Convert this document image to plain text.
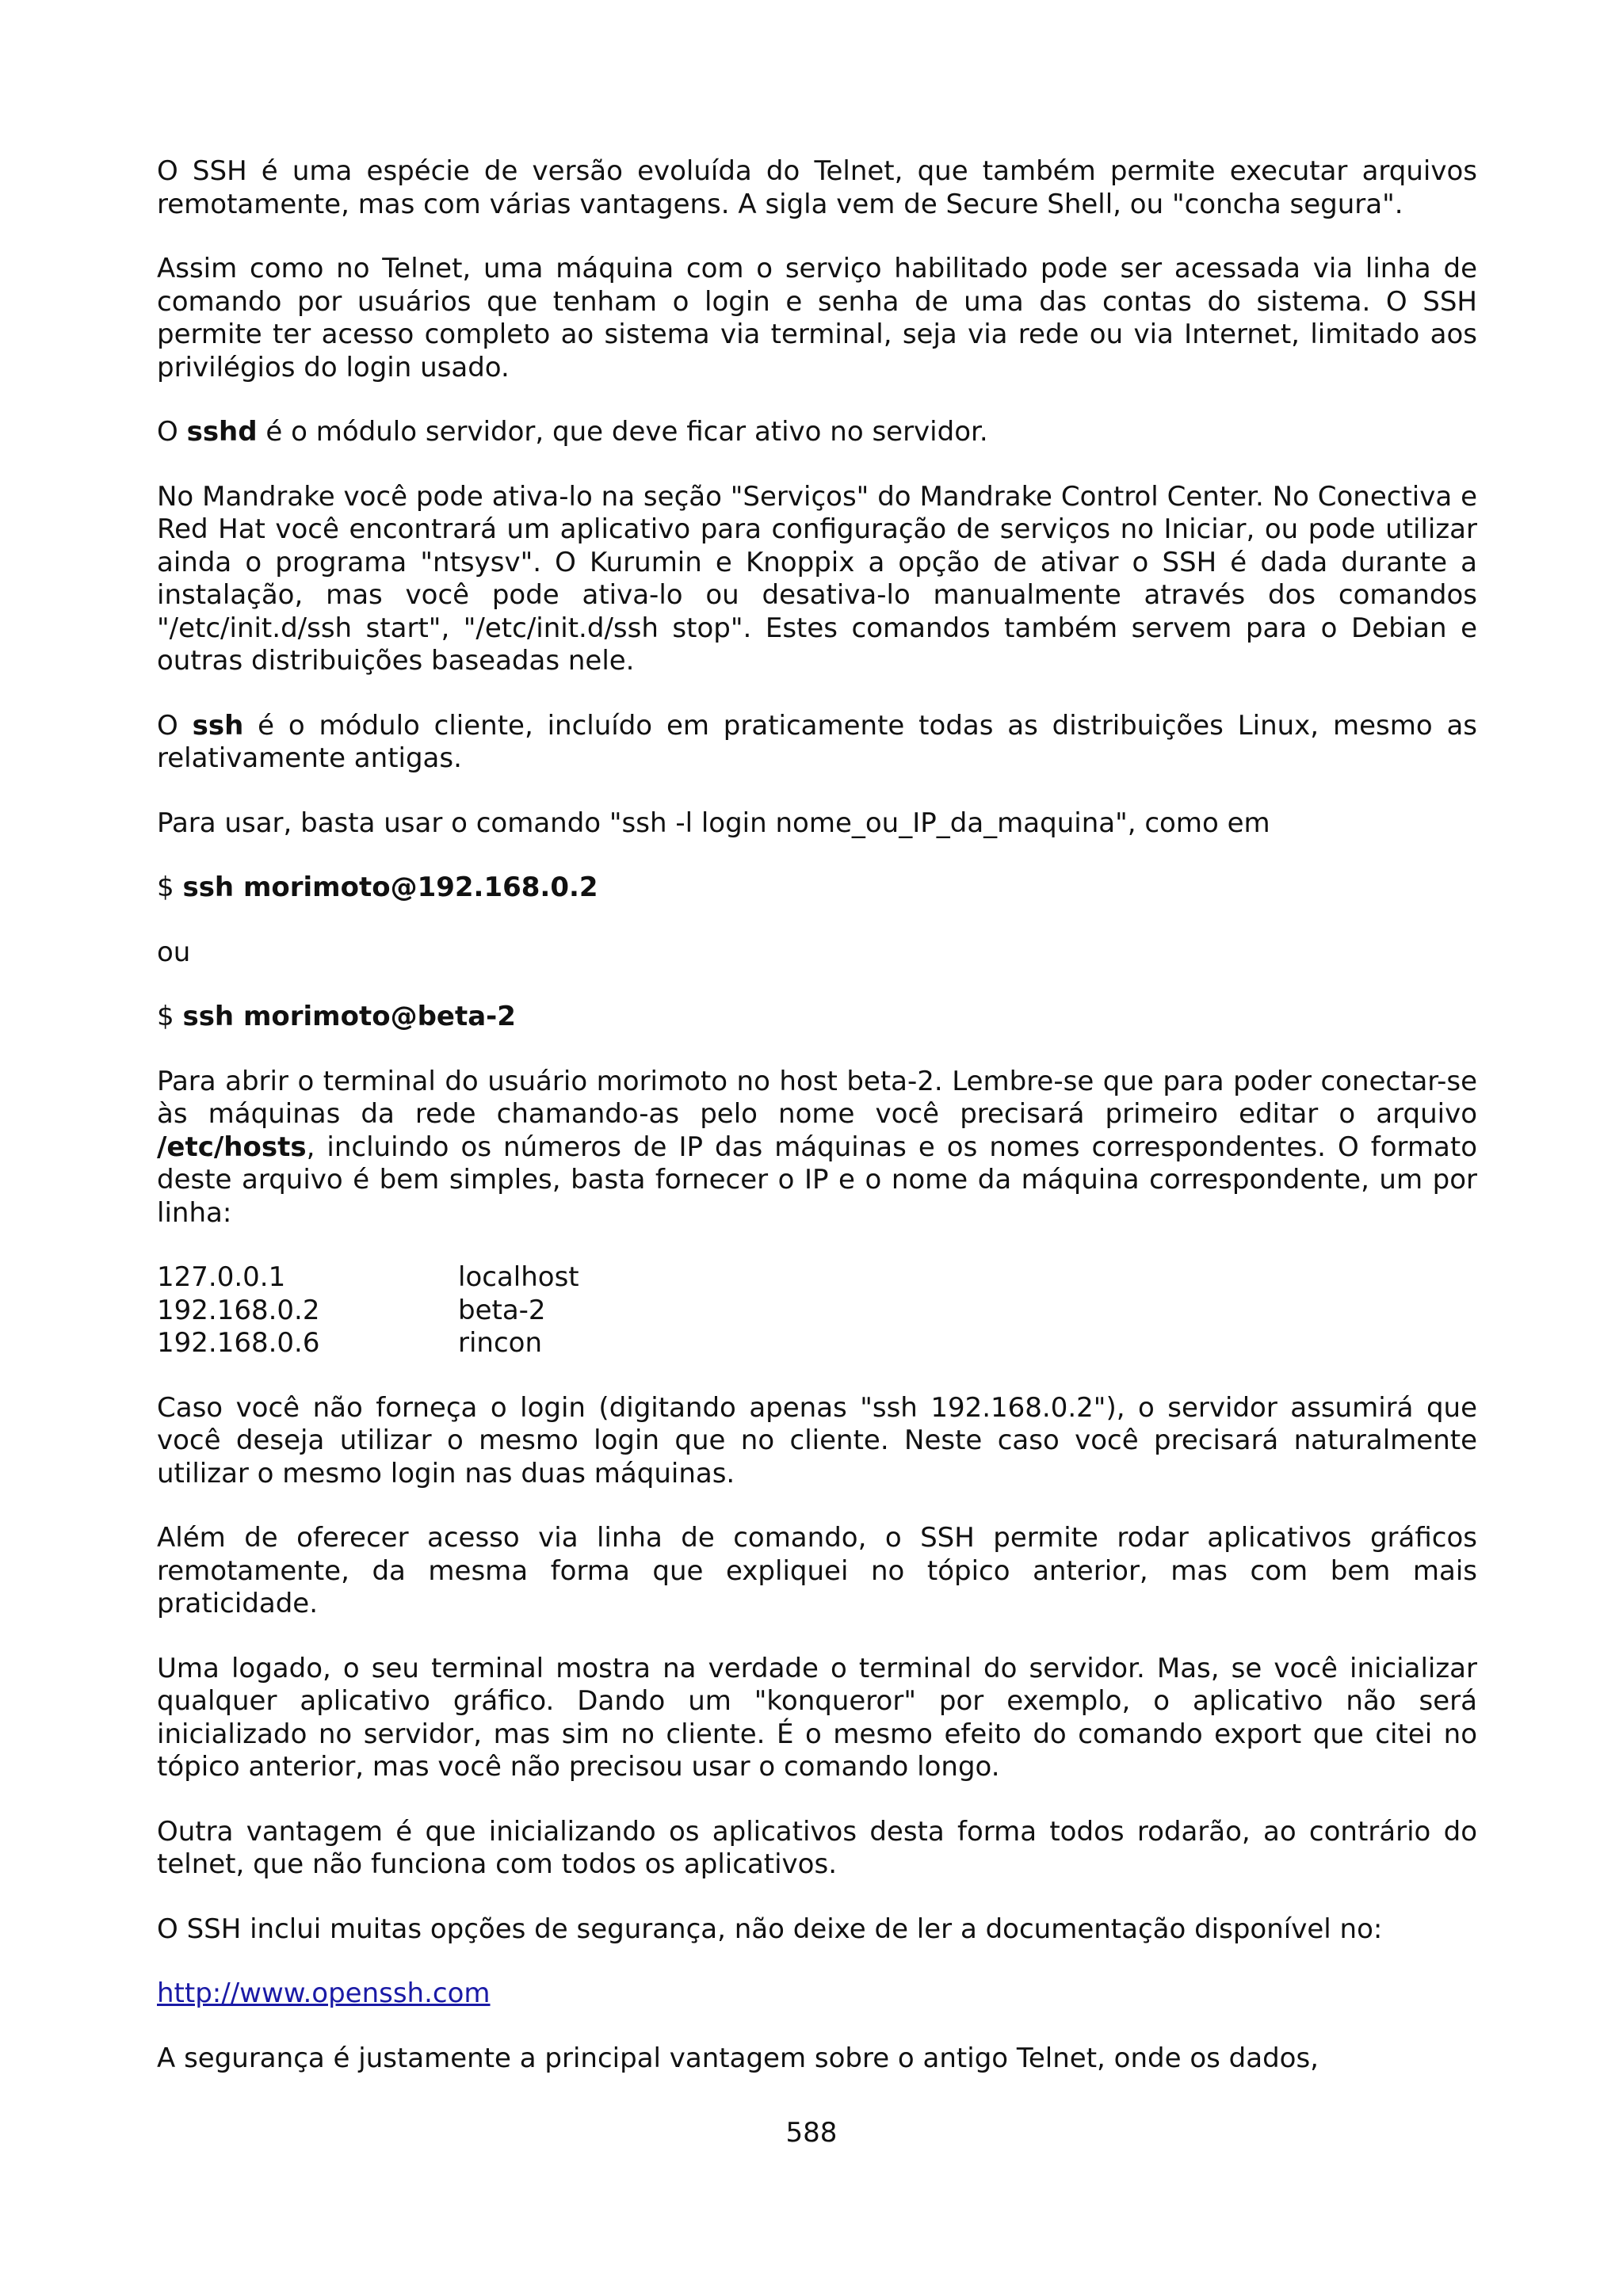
O SSH é uma espécie de versão evoluída do Telnet, que também permite executar arquivos remotamente, mas com várias vantagens. A sigla vem de Secure Shell, ou "concha segura".

Assim como no Telnet, uma máquina com o serviço habilitado pode ser acessada via linha de comando por usuários que tenham o login e senha de uma das contas do sistema. O SSH permite ter acesso completo ao sistema via terminal, seja via rede ou via Internet, limitado aos privilégios do login usado.

O sshd é o módulo servidor, que deve ficar ativo no servidor.

No Mandrake você pode ativa-lo na seção "Serviços" do Mandrake Control Center. No Conectiva e Red Hat você encontrará um aplicativo para configuração de serviços no Iniciar, ou pode utilizar ainda o programa "ntsysv". O Kurumin e Knoppix a opção de ativar o SSH é dada durante a instalação, mas você pode ativa-lo ou desativa-lo manualmente através dos comandos "/etc/init.d/ssh start", "/etc/init.d/ssh stop". Estes comandos também servem para o Debian e outras distribuições baseadas nele.

O ssh é o módulo cliente, incluído em praticamente todas as distribuições Linux, mesmo as relativamente antigas.

Para usar, basta usar o comando "ssh -l login nome_ou_IP_da_maquina", como em

$ ssh morimoto@192.168.0.2

ou

$ ssh morimoto@beta-2

Para abrir o terminal do usuário morimoto no host beta-2. Lembre-se que para poder conectar-se às máquinas da rede chamando-as pelo nome você precisará primeiro editar o arquivo /etc/hosts, incluindo os números de IP das máquinas e os nomes correspondentes. O formato deste arquivo é bem simples, basta fornecer o IP e o nome da máquina correspondente, um por linha:

127.0.0.1	localhost
192.168.0.2	beta-2
192.168.0.6	rincon

Caso você não forneça o login (digitando apenas "ssh 192.168.0.2"), o servidor assumirá que você deseja utilizar o mesmo login que no cliente. Neste caso você precisará naturalmente utilizar o mesmo login nas duas máquinas.

Além de oferecer acesso via linha de comando, o SSH permite rodar aplicativos gráficos remotamente, da mesma forma que expliquei no tópico anterior, mas com bem mais praticidade.

Uma logado, o seu terminal mostra na verdade o terminal do servidor. Mas, se você inicializar qualquer aplicativo gráfico. Dando um "konqueror" por exemplo, o aplicativo não será inicializado no servidor, mas sim no cliente. É o mesmo efeito do comando export que citei no tópico anterior, mas você não precisou usar o comando longo.

Outra vantagem é que inicializando os aplicativos desta forma todos rodarão, ao contrário do telnet, que não funciona com todos os aplicativos.

O SSH inclui muitas opções de segurança, não deixe de ler a documentação disponível no:

http://www.openssh.com

A segurança é justamente a principal vantagem sobre o antigo Telnet, onde os dados,

588
